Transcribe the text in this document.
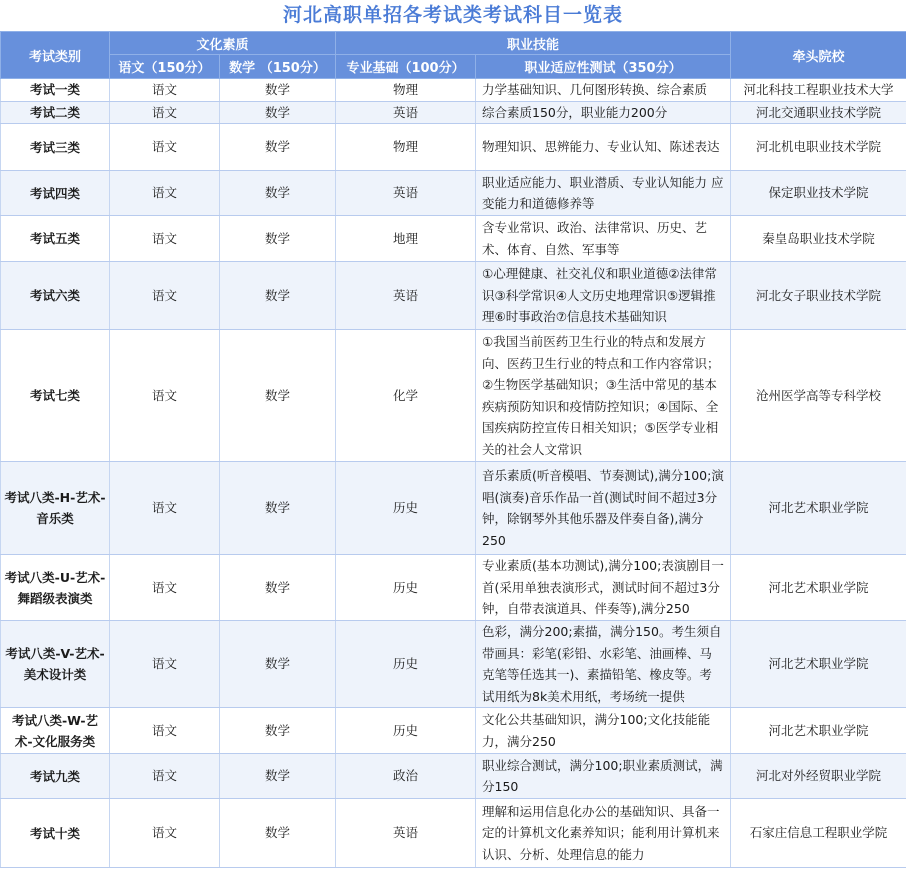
河北高职单招各考试类考试科目一览表
考试类别	文化素质		职业技能		牵头院校
	语文（150分）	数学 （150分）	专业基础（100分）	职业适应性测试（350分）	
考试一类	语文	数学	物理	力学基础知识、几何图形转换、综合素质	河北科技工程职业技术大学
考试二类	语文	数学	英语	综合素质150分，职业能力200分	河北交通职业技术学院
考试三类	语文	数学	物理	物理知识、思辨能力、专业认知、陈述表达	河北机电职业技术学院
考试四类	语文	数学	英语	职业适应能力、职业潜质、专业认知能力 应变能力和道德修养等	保定职业技术学院
考试五类	语文	数学	地理	含专业常识、政治、法律常识、历史、艺术、体育、自然、军事等	秦皇岛职业技术学院
考试六类	语文	数学	英语	①心理健康、社交礼仪和职业道德②法律常识③科学常识④人文历史地理常识⑤逻辑推理⑥时事政治⑦信息技术基础知识	河北女子职业技术学院
考试七类	语文	数学	化学	①我国当前医药卫生行业的特点和发展方向、医药卫生行业的特点和工作内容常识；②生物医学基础知识；③生活中常见的基本疾病预防知识和疫情防控知识；④国际、全国疾病防控宣传日相关知识；⑤医学专业相关的社会人文常识	沧州医学高等专科学校
考试八类-H-艺术-音乐类	语文	数学	历史	音乐素质(听音模唱、节奏测试),满分100;演唱(演奏)音乐作品一首(测试时间不超过3分钟，除钢琴外其他乐器及伴奏自备),满分250	河北艺术职业学院
考试八类-U-艺术-舞蹈级表演类	语文	数学	历史	专业素质(基本功测试),满分100;表演剧目一首(采用单独表演形式，测试时间不超过3分钟，自带表演道具、伴奏等),满分250	河北艺术职业学院
考试八类-V-艺术-美术设计类	语文	数学	历史	色彩，满分200;素描，满分150。考生须自带画具：彩笔(彩铅、水彩笔、油画棒、马克笔等任选其一)、素描铅笔、橡皮等。考试用纸为8k美术用纸，考场统一提供	河北艺术职业学院
考试八类-W-艺术-文化服务类	语文	数学	历史	文化公共基础知识，满分100;文化技能能力，满分250	河北艺术职业学院
考试九类	语文	数学	政治	职业综合测试，满分100;职业素质测试，满分150	河北对外经贸职业学院
考试十类	语文	数学	英语	理解和运用信息化办公的基础知识、具备一定的计算机文化素养知识；能利用计算机来认识、分析、处理信息的能力	石家庄信息工程职业学院
